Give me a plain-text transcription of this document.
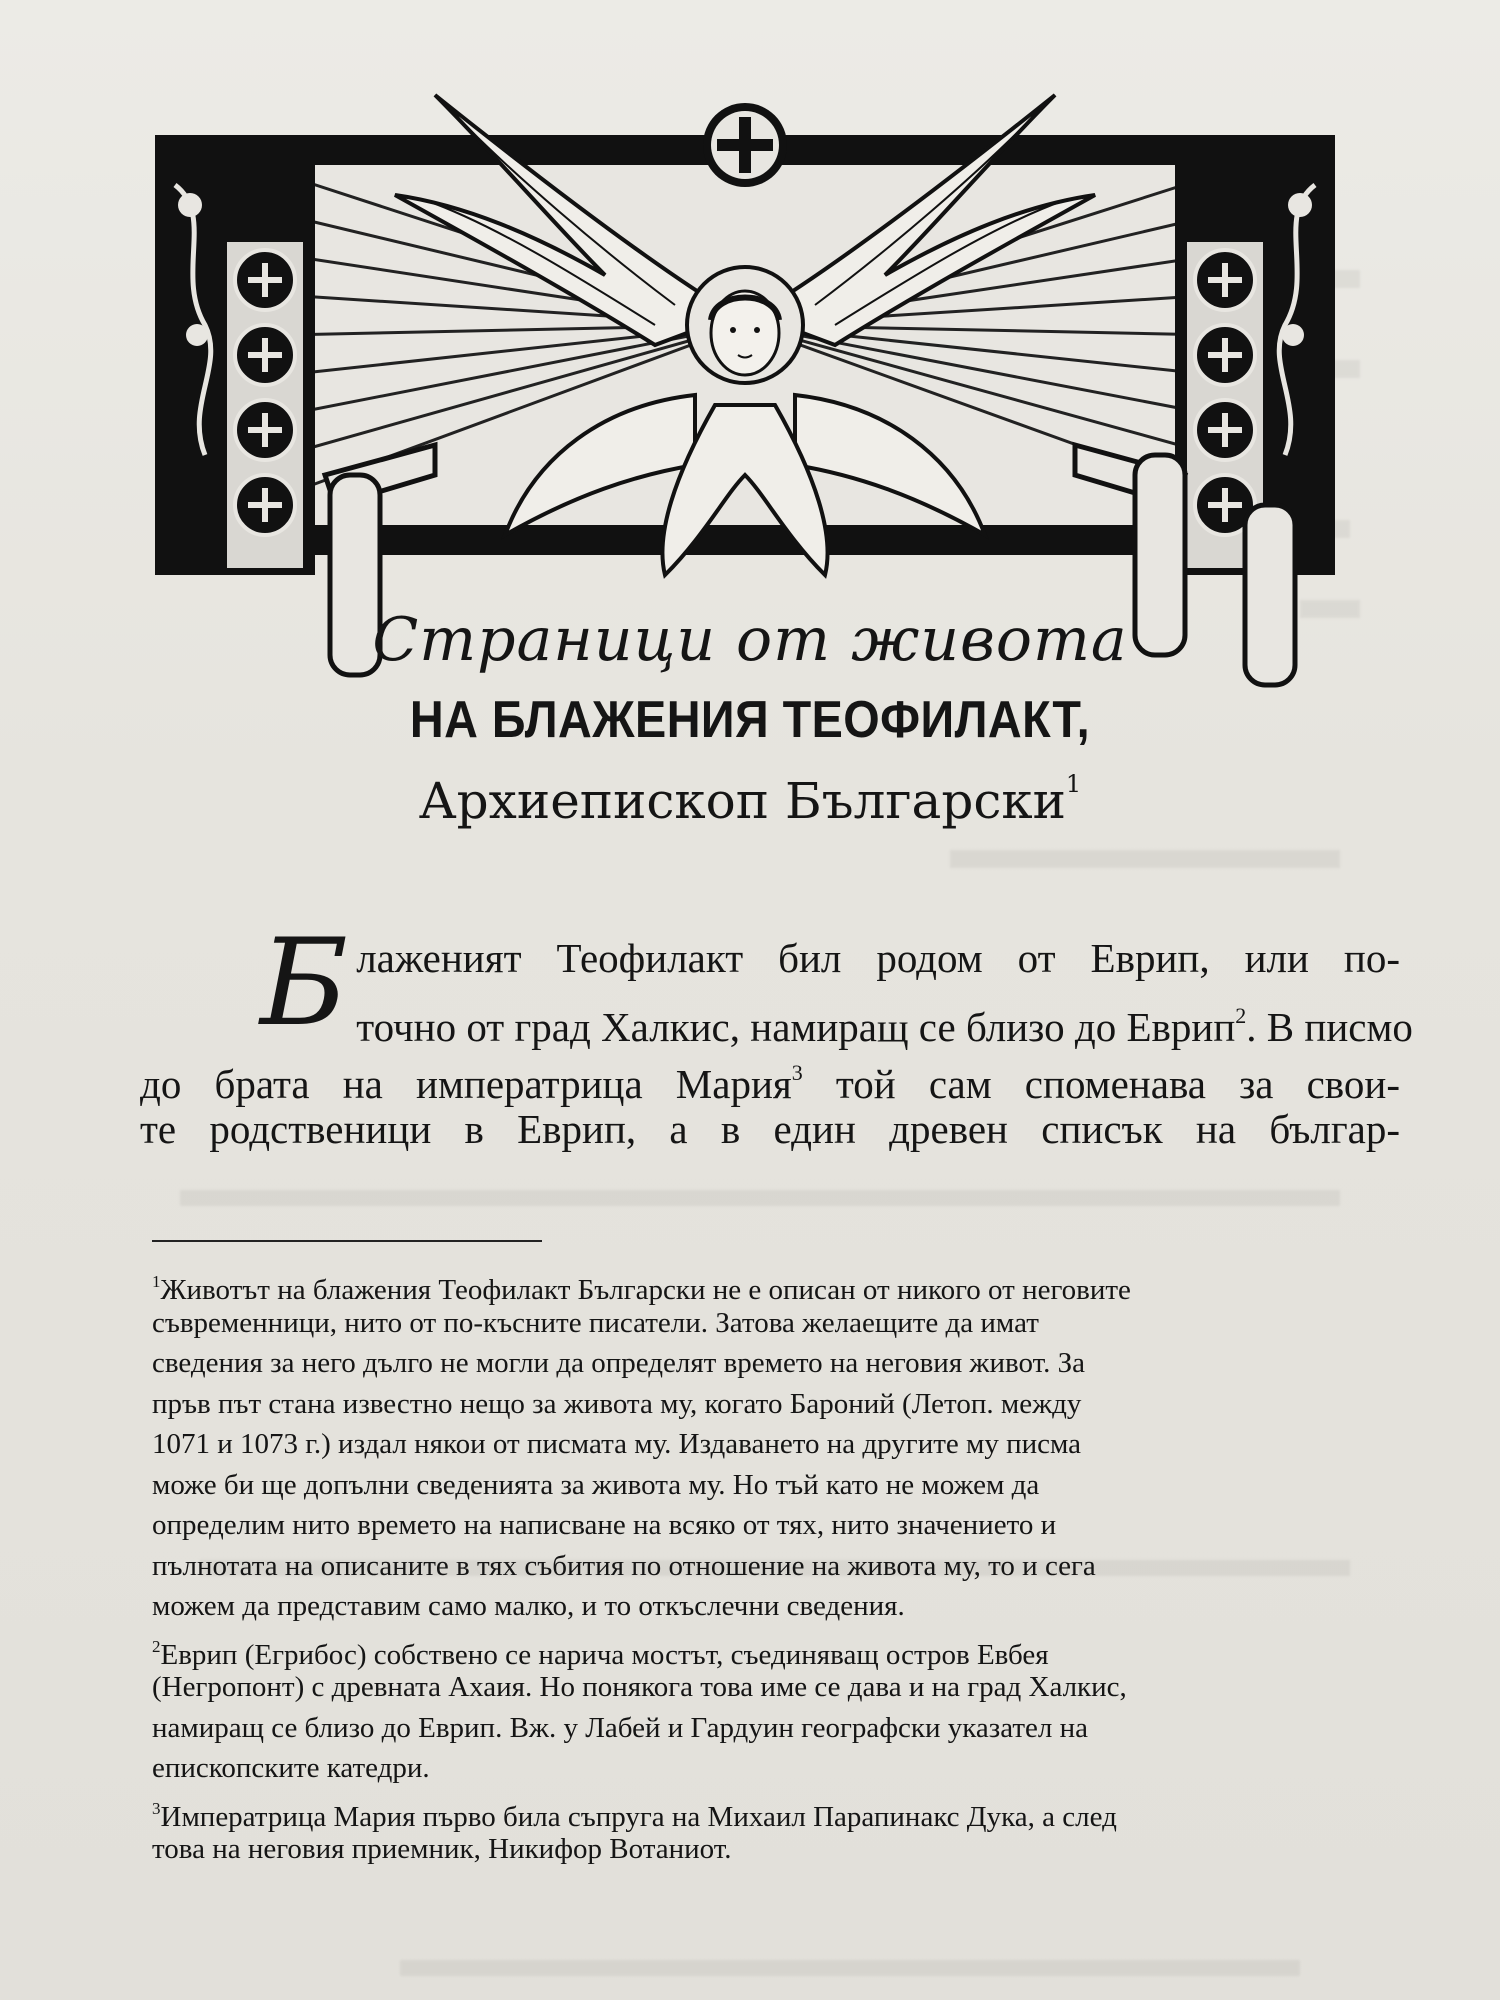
Страници от живота
НА БЛАЖЕНИЯ ТЕОФИЛАКТ,
Архиепископ Български$^1$
Б лаженият Теофилакт бил родом от Еврип, или по-
точно от град Халкис, намиращ се близо до Еврип$^2$. В писмо
до брата на императрица Мария$^3$ той сам споменава за свои-
те родственици в Еврип, а в един древен списък на българ-
$^1$Животът на блажения Теофилакт Български не е описан от никого от неговите
съвременници, нито от по-късните писатели. Затова желаещите да имат
сведения за него дълго не могли да определят времето на неговия живот. За
пръв път стана известно нещо за живота му, когато Бароний (Летоп. между
1071 и 1073 г.) издал някои от писмата му. Издаването на другите му писма
може би ще допълни сведенията за живота му. Но тъй като не можем да
определим нито времето на написване на всяко от тях, нито значението и
пълнотата на описаните в тях събития по отношение на живота му, то и сега
можем да представим само малко, и то откъслечни сведения.
$^2$Еврип (Егрибос) собствено се нарича мостът, съединяващ остров Евбея
(Негропонт) с древната Ахаия. Но понякога това име се дава и на град Халкис,
намиращ се близо до Еврип. Вж. у Лабей и Гардуин географски указател на
епископските катедри.
$^3$Императрица Мария първо била съпруга на Михаил Парапинакс Дука, а след
това на неговия приемник, Никифор Вотаниот.
